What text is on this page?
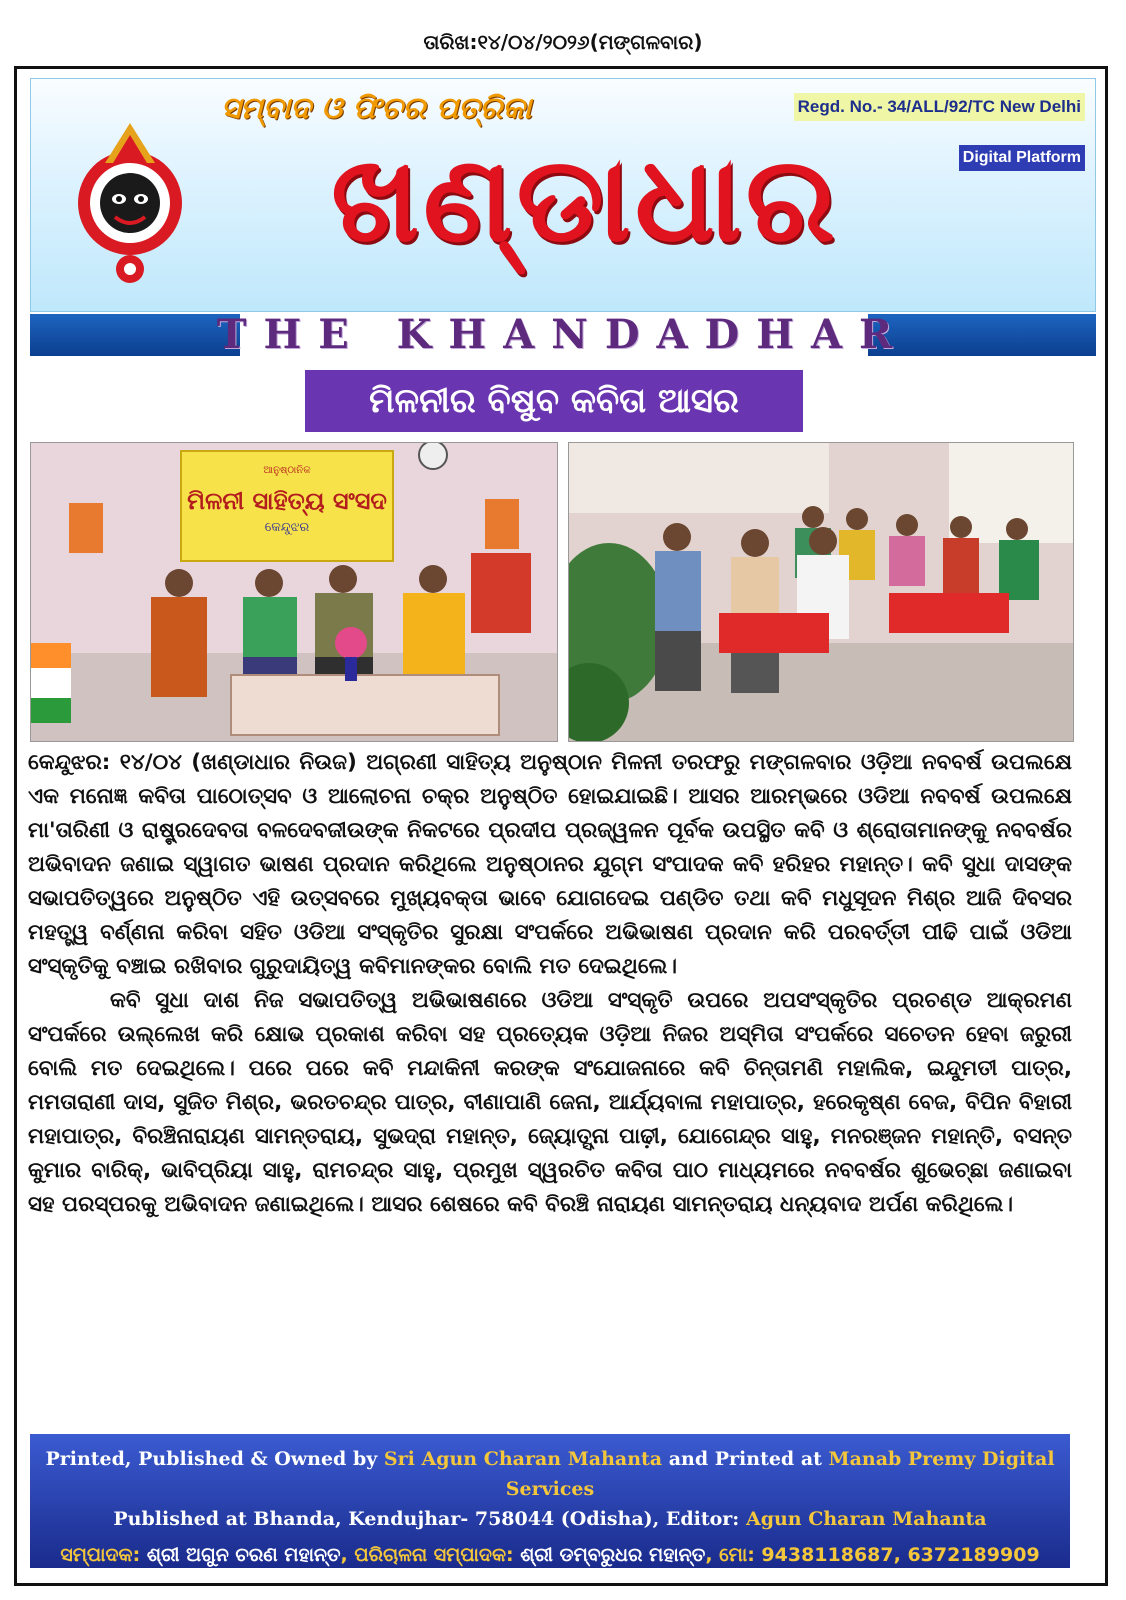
ତାରିଖ:୧୪/୦୪/୨୦୨୬(ମଙ୍ଗଳବାର)
ସମ୍ବାଦ ଓ ଫିଚର ପତ୍ରିକା
ଖଣ୍ଡାଧାର
Regd. No.- 34/ALL/92/TC New Delhi
Digital Platform
THE KHANDADHAR
ମିଳନୀର ବିଷୁବ କବିତା ଆସର
ଆନୁଷ୍ଠାନିକ
ମିଳନୀ ସାହିତ୍ୟ ସଂସଦ
କେନ୍ଦୁଝର

କେନ୍ଦୁଝର: ୧୪/୦୪ (ଖଣ୍ଡାଧାର ନିଉଜ) ଅଗ୍ରଣୀ ସାହିତ୍ୟ ଅନୁଷ୍ଠାନ ମିଳନୀ ତରଫରୁ ମଙ୍ଗଳବାର ଓଡ଼ିଆ ନବବର୍ଷ ଉପଲକ୍ଷେ ଏକ ମନୋଜ୍ଞ କବିତା ପାଠୋତ୍ସବ ଓ ଆଲୋଚନା ଚକ୍ର ଅନୁଷ୍ଠିତ ହୋଇଯାଇଛି। ଆସର ଆରମ୍ଭରେ ଓଡିଆ ନବବର୍ଷ ଉପଲକ୍ଷେ ମା'ତାରିଣୀ ଓ ରାଷ୍ଟ୍ରଦେବତା ବଳଦେବଜୀଉଙ୍କ ନିକଟରେ ପ୍ରଦୀପ ପ୍ରଜ୍ୱଳନ ପୂର୍ବକ ଉପସ୍ଥିତ କବି ଓ ଶ୍ରୋତାମାନଙ୍କୁ ନବବର୍ଷର ଅଭିବାଦନ ଜଣାଇ ସ୍ୱାଗତ ଭାଷଣ ପ୍ରଦାନ କରିଥିଲେ ଅନୁଷ୍ଠାନର ଯୁଗ୍ମ ସଂପାଦକ କବି ହରିହର ମହାନ୍ତ। କବି ସୁଧା ଦାସଙ୍କ ସଭାପତିତ୍ୱରେ ଅନୁଷ୍ଠିତ ଏହି ଉତ୍ସବରେ ମୁଖ୍ୟବକ୍ତା ଭାବେ ଯୋଗଦେଇ ପଣ୍ଡିତ ତଥା କବି ମଧୁସୂଦନ ମିଶ୍ର ଆଜି ଦିବସର ମହତ୍ତ୍ୱ ବର୍ଣ୍ଣନା କରିବା ସହିତ ଓଡିଆ ସଂସ୍କୃତିର ସୁରକ୍ଷା ସଂପର୍କରେ ଅଭିଭାଷଣ ପ୍ରଦାନ କରି ପରବର୍ତ୍ତୀ ପୀଢି ପାଇଁ ଓଡିଆ ସଂସ୍କୃତିକୁ ବଞ୍ଚାଇ ରଖିବାର ଗୁରୁଦାୟିତ୍ୱ କବିମାନଙ୍କର ବୋଲି ମତ ଦେଇଥିଲେ।

କବି ସୁଧା ଦାଶ ନିଜ ସଭାପତିତ୍ୱ ଅଭିଭାଷଣରେ ଓଡିଆ ସଂସ୍କୃତି ଉପରେ ଅପସଂସ୍କୃତିର ପ୍ରଚଣ୍ଡ ଆକ୍ରମଣ ସଂପର୍କରେ ଉଲ୍ଲେଖ କରି କ୍ଷୋଭ ପ୍ରକାଶ କରିବା ସହ ପ୍ରତ୍ୟେକ ଓଡ଼ିଆ ନିଜର ଅସ୍ମିତା ସଂପର୍କରେ ସଚେତନ ହେବା ଜରୁରୀ ବୋଲି ମତ ଦେଇଥିଲେ। ପରେ ପରେ କବି ମନ୍ଦାକିନୀ କରଙ୍କ ସଂଯୋଜନାରେ କବି ଚିନ୍ତାମଣି ମହାଲିକ, ଇନ୍ଦୁମତୀ ପାତ୍ର, ମମତାରାଣୀ ଦାସ, ସୁଜିତ ମିଶ୍ର, ଭରତଚନ୍ଦ୍ର ପାତ୍ର, ବୀଣାପାଣି ଜେନା, ଆର୍ଯ୍ୟବାଳା ମହାପାତ୍ର, ହରେକୃଷ୍ଣ ବେଜ, ବିପିନ ବିହାରୀ ମହାପାତ୍ର, ବିରଞ୍ଚିନାରାୟଣ ସାମନ୍ତରାୟ, ସୁଭଦ୍ରା ମହାନ୍ତ, ଜ୍ୟୋତ୍ସ୍ନା ପାଢ଼ୀ, ଯୋଗେନ୍ଦ୍ର ସାହୁ, ମନରଞ୍ଜନ ମହାନ୍ତି, ବସନ୍ତ କୁମାର ବାରିକ୍, ଭାବିପ୍ରିୟା ସାହୁ, ରାମଚନ୍ଦ୍ର ସାହୁ, ପ୍ରମୁଖ ସ୍ୱରଚିତ କବିତା ପାଠ ମାଧ୍ୟମରେ ନବବର୍ଷର ଶୁଭେଚ୍ଛା ଜଣାଇବା ସହ ପରସ୍ପରକୁ ଅଭିବାଦନ ଜଣାଇଥିଲେ। ଆସର ଶେଷରେ କବି ବିରଞ୍ଚି ନାରାୟଣ ସାମନ୍ତରାୟ ଧନ୍ୟବାଦ ଅର୍ପଣ କରିଥିଲେ।

Printed, Published & Owned by Sri Agun Charan Mahanta and Printed at Manab Premy Digital Services
Published at Bhanda, Kendujhar- 758044 (Odisha), Editor: Agun Charan Mahanta
ସମ୍ପାଦକ: ଶ୍ରୀ ଅଗୁନ ଚରଣ ମହାନ୍ତ, ପରିଚାଳନା ସମ୍ପାଦକ: ଶ୍ରୀ ଡମ୍ବରୁଧର ମହାନ୍ତ, ମୋ: 9438118687, 6372189909
